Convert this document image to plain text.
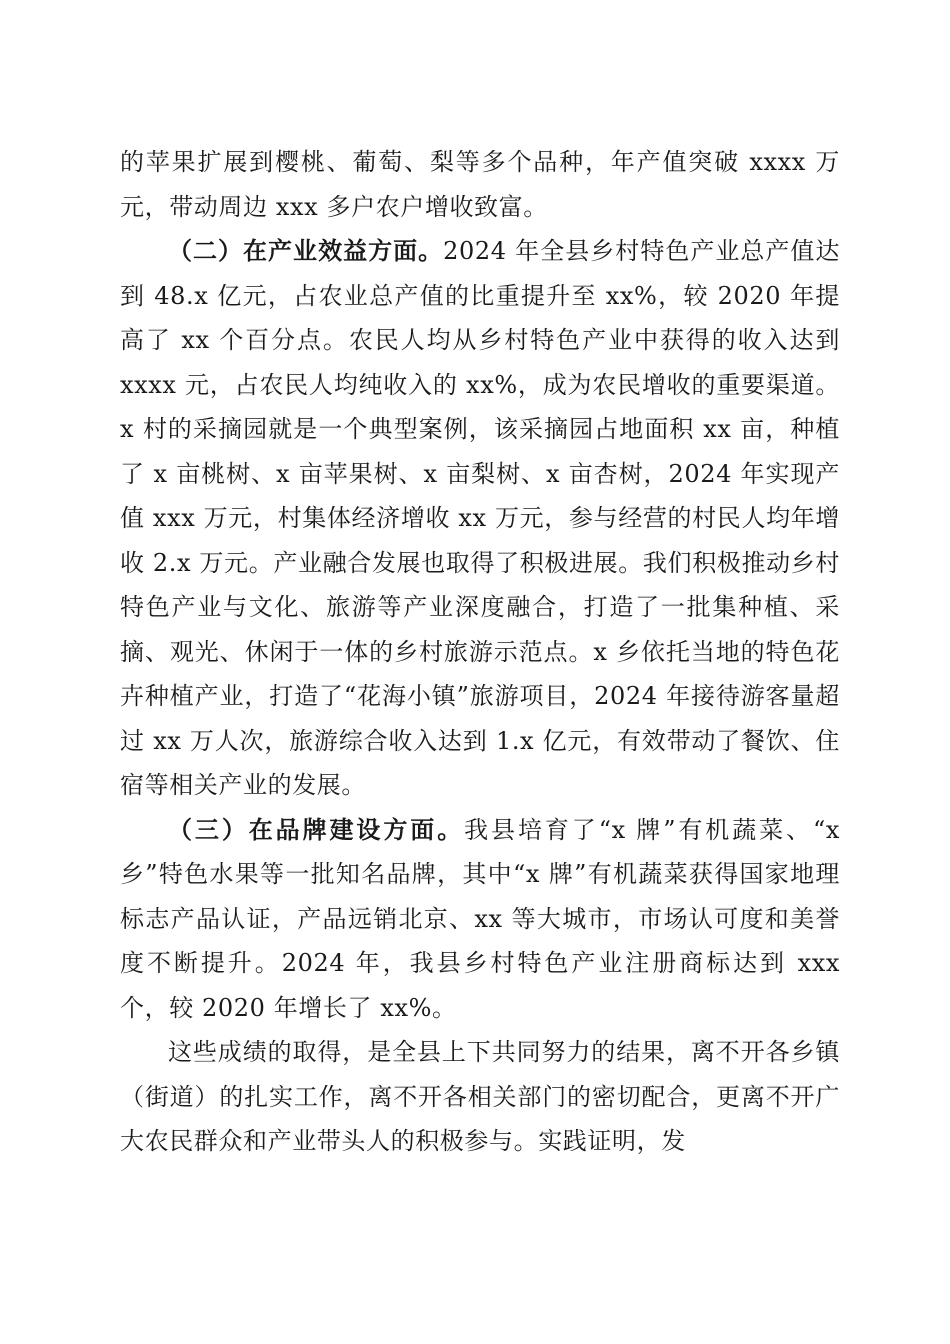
的苹果扩展到樱桃、葡萄、梨等多个品种，年产值突破 xxxx 万元，带动周边 xxx 多户农户增收致富。

（二）在产业效益方面。2024 年全县乡村特色产业总产值达到 48.x 亿元，占农业总产值的比重提升至 xx%，较 2020 年提高了 xx 个百分点。农民人均从乡村特色产业中获得的收入达到 xxxx 元，占农民人均纯收入的 xx%，成为农民增收的重要渠道。x 村的采摘园就是一个典型案例，该采摘园占地面积 xx 亩，种植了 x 亩桃树、x 亩苹果树、x 亩梨树、x 亩杏树，2024 年实现产值 xxx 万元，村集体经济增收 xx 万元，参与经营的村民人均年增收 2.x 万元。产业融合发展也取得了积极进展。我们积极推动乡村特色产业与文化、旅游等产业深度融合，打造了一批集种植、采摘、观光、休闲于一体的乡村旅游示范点。x 乡依托当地的特色花卉种植产业，打造了“花海小镇”旅游项目，2024 年接待游客量超过 xx 万人次，旅游综合收入达到 1.x 亿元，有效带动了餐饮、住宿等相关产业的发展。

（三）在品牌建设方面。我县培育了“x 牌”有机蔬菜、“x 乡”特色水果等一批知名品牌，其中“x 牌”有机蔬菜获得国家地理标志产品认证，产品远销北京、xx 等大城市，市场认可度和美誉度不断提升。2024 年，我县乡村特色产业注册商标达到 xxx 个，较 2020 年增长了 xx%。

这些成绩的取得，是全县上下共同努力的结果，离不开各乡镇（街道）的扎实工作，离不开各相关部门的密切配合，更离不开广大农民群众和产业带头人的积极参与。实践证明，发
